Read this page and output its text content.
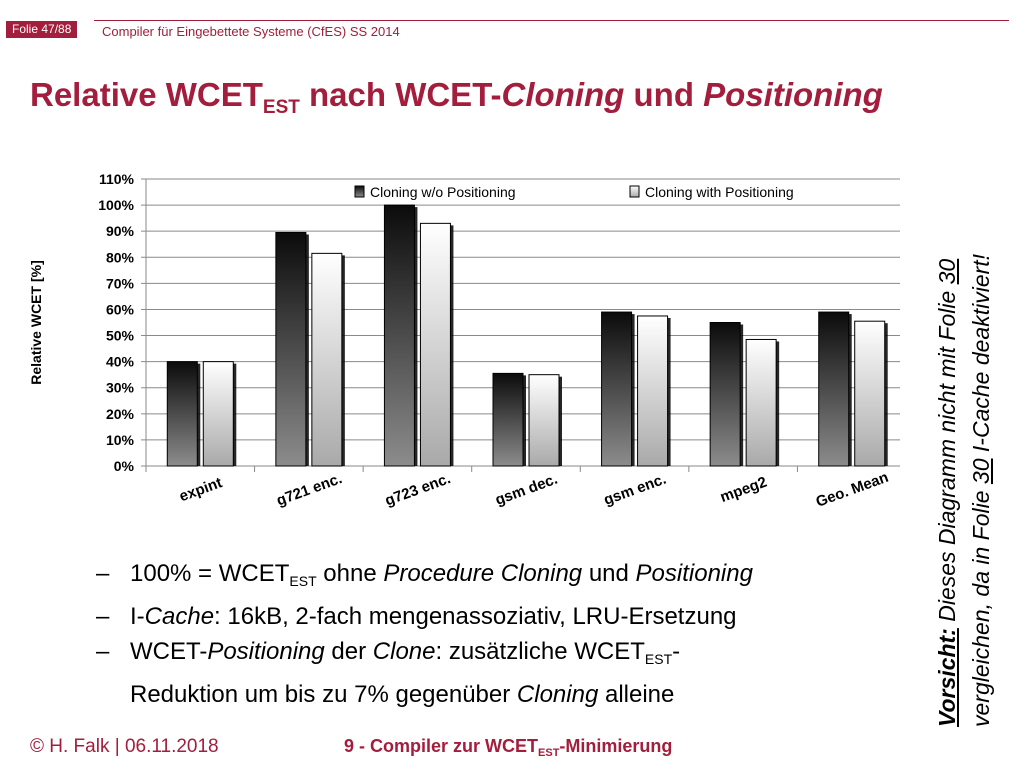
Folie 47/88	Compiler für Eingebettete Systeme (CfES) SS 2014
Relative $WCET_{EST}$ nach WCET-Cloning und Positioning
0%
10%
20%
30%
40%
50%
60%
70%
80%
90%
100%
110%
Relative WCET [%]
expint	g721 enc.	g723 enc.	gsm dec.	gsm enc.	mpeg2	Geo. Mean
Cloning w/o Positioning	Cloning with Positioning
– $100\% = WCET_{EST}$ ohne Procedure Cloning und Positioning
– I-Cache: 16kB, 2-fach mengenassoziativ, LRU-Ersetzung
– WCET-Positioning der Clone: zusätzliche $WCET_{EST}-$
Reduktion um bis zu 7% gegenüber Cloning alleine	Vorsicht: Dieses Diagramm nicht mit Folie 30
vergleichen, da in Folie 30 I-Cache deaktiviert!
© H. Falk | 06.11.2018	9 - Compiler zur $WCET_{EST}$-Minimierung
